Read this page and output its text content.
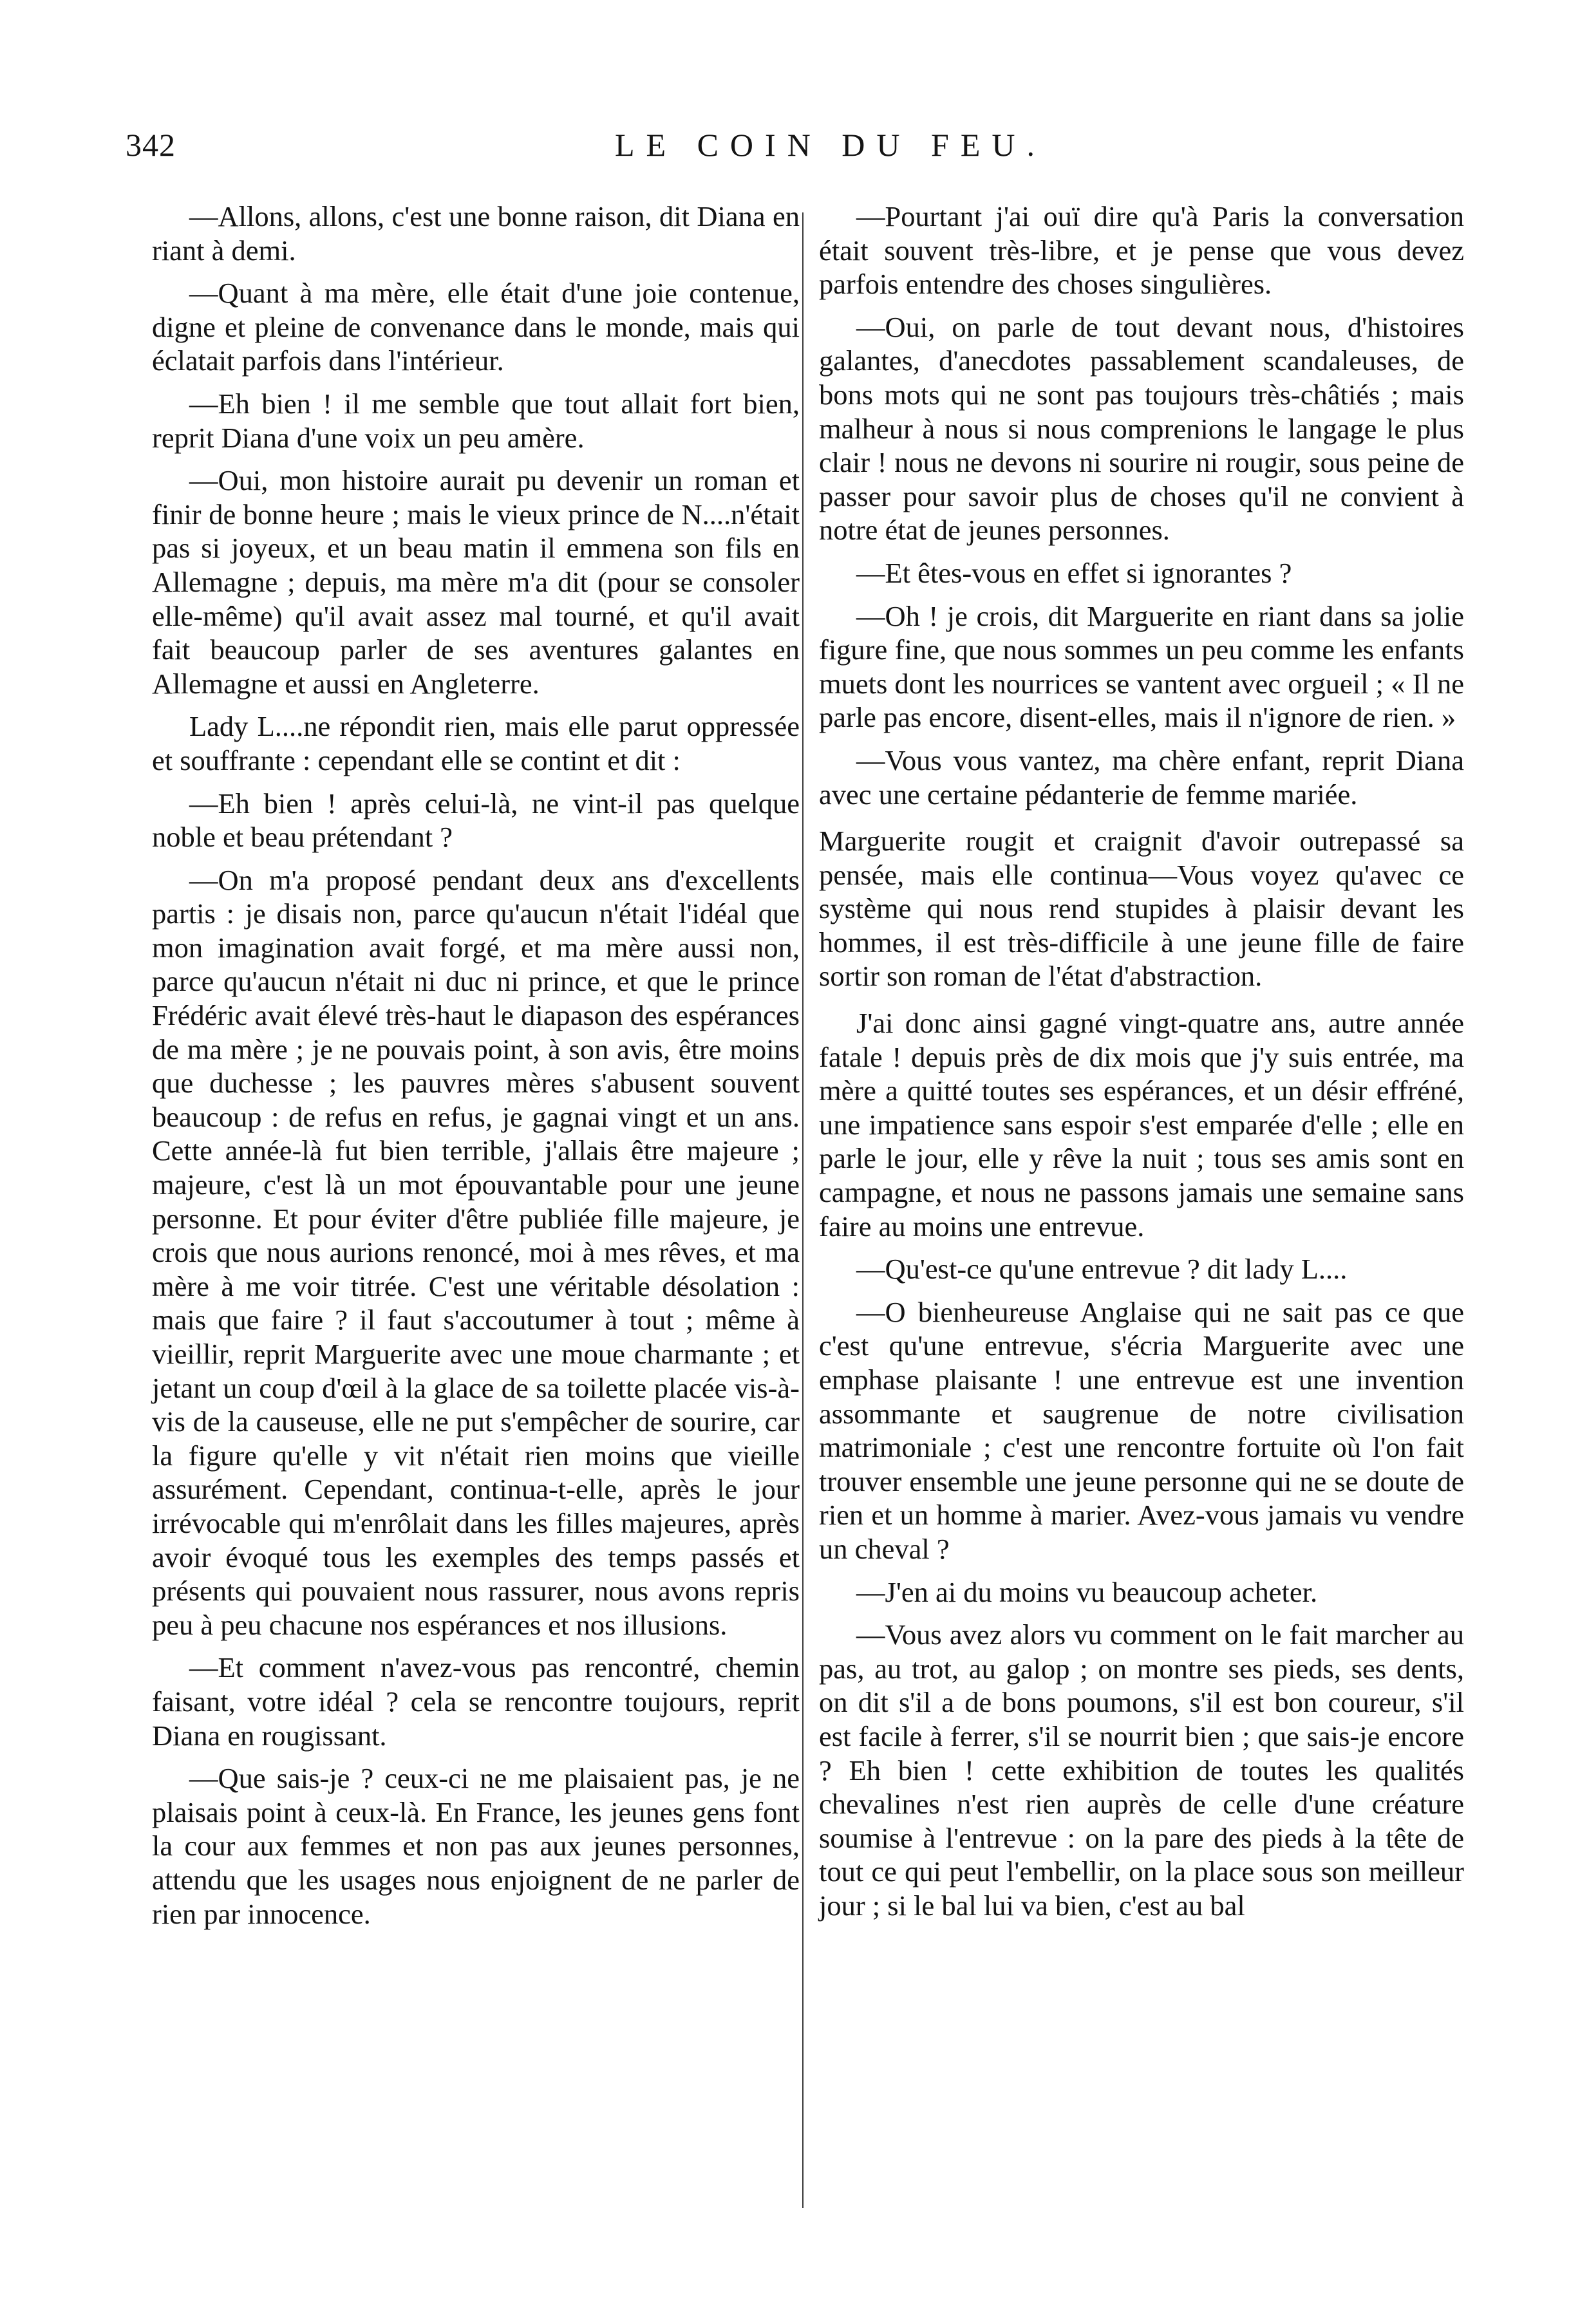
342	LE COIN DU FEU.

—Allons, allons, c'est une bonne raison, dit Diana en riant à demi.

—Quant à ma mère, elle était d'une joie contenue, digne et pleine de convenance dans le monde, mais qui éclatait parfois dans l'intérieur.

—Eh bien ! il me semble que tout allait fort bien, reprit Diana d'une voix un peu amère.

—Oui, mon histoire aurait pu devenir un roman et finir de bonne heure ; mais le vieux prince de N....n'était pas si joyeux, et un beau matin il emmena son fils en Allemagne ; depuis, ma mère m'a dit (pour se consoler elle-même) qu'il avait assez mal tourné, et qu'il avait fait beaucoup parler de ses aventures galantes en Allemagne et aussi en Angleterre.

Lady L....ne répondit rien, mais elle parut oppressée et souffrante : cependant elle se contint et dit :

—Eh bien ! après celui-là, ne vint-il pas quelque noble et beau prétendant ?

—On m'a proposé pendant deux ans d'excellents partis : je disais non, parce qu'aucun n'était l'idéal que mon imagination avait forgé, et ma mère aussi non, parce qu'aucun n'était ni duc ni prince, et que le prince Frédéric avait élevé très-haut le diapason des espérances de ma mère ; je ne pouvais point, à son avis, être moins que duchesse ; les pauvres mères s'abusent souvent beaucoup : de refus en refus, je gagnai vingt et un ans. Cette année-là fut bien terrible, j'allais être majeure ; majeure, c'est là un mot épouvantable pour une jeune personne. Et pour éviter d'être publiée fille majeure, je crois que nous aurions renoncé, moi à mes rêves, et ma mère à me voir titrée. C'est une véritable désolation : mais que faire ? il faut s'accoutumer à tout ; même à vieillir, reprit Marguerite avec une moue charmante ; et jetant un coup d'œil à la glace de sa toilette placée vis-à-vis de la causeuse, elle ne put s'empêcher de sourire, car la figure qu'elle y vit n'était rien moins que vieille assurément. Cependant, continua-t-elle, après le jour irrévocable qui m'enrôlait dans les filles majeures, après avoir évoqué tous les exemples des temps passés et présents qui pouvaient nous rassurer, nous avons repris peu à peu chacune nos espérances et nos illusions.

—Et comment n'avez-vous pas rencontré, chemin faisant, votre idéal ? cela se rencontre toujours, reprit Diana en rougissant.

—Que sais-je ? ceux-ci ne me plaisaient pas, je ne plaisais point à ceux-là. En France, les jeunes gens font la cour aux femmes et non pas aux jeunes personnes, attendu que les usages nous enjoignent de ne parler de rien par innocence.

—Pourtant j'ai ouï dire qu'à Paris la conversation était souvent très-libre, et je pense que vous devez parfois entendre des choses singulières.

—Oui, on parle de tout devant nous, d'histoires galantes, d'anecdotes passablement scandaleuses, de bons mots qui ne sont pas toujours très-châtiés ; mais malheur à nous si nous comprenions le langage le plus clair ! nous ne devons ni sourire ni rougir, sous peine de passer pour savoir plus de choses qu'il ne convient à notre état de jeunes personnes.

—Et êtes-vous en effet si ignorantes ?

—Oh ! je crois, dit Marguerite en riant dans sa jolie figure fine, que nous sommes un peu comme les enfants muets dont les nourrices se vantent avec orgueil ; « Il ne parle pas encore, disent-elles, mais il n'ignore de rien. »

—Vous vous vantez, ma chère enfant, reprit Diana avec une certaine pédanterie de femme mariée.

Marguerite rougit et craignit d'avoir outrepassé sa pensée, mais elle continua—Vous voyez qu'avec ce système qui nous rend stupides à plaisir devant les hommes, il est très-difficile à une jeune fille de faire sortir son roman de l'état d'abstraction.

J'ai donc ainsi gagné vingt-quatre ans, autre année fatale ! depuis près de dix mois que j'y suis entrée, ma mère a quitté toutes ses espérances, et un désir effréné, une impatience sans espoir s'est emparée d'elle ; elle en parle le jour, elle y rêve la nuit ; tous ses amis sont en campagne, et nous ne passons jamais une semaine sans faire au moins une entrevue.

—Qu'est-ce qu'une entrevue ? dit lady L....

—O bienheureuse Anglaise qui ne sait pas ce que c'est qu'une entrevue, s'écria Marguerite avec une emphase plaisante ! une entrevue est une invention assommante et saugrenue de notre civilisation matrimoniale ; c'est une rencontre fortuite où l'on fait trouver ensemble une jeune personne qui ne se doute de rien et un homme à marier. Avez-vous jamais vu vendre un cheval ?

—J'en ai du moins vu beaucoup acheter.

—Vous avez alors vu comment on le fait marcher au pas, au trot, au galop ; on montre ses pieds, ses dents, on dit s'il a de bons poumons, s'il est bon coureur, s'il est facile à ferrer, s'il se nourrit bien ; que sais-je encore ? Eh bien ! cette exhibition de toutes les qualités chevalines n'est rien auprès de celle d'une créature soumise à l'entrevue : on la pare des pieds à la tête de tout ce qui peut l'embellir, on la place sous son meilleur jour ; si le bal lui va bien, c'est au bal
